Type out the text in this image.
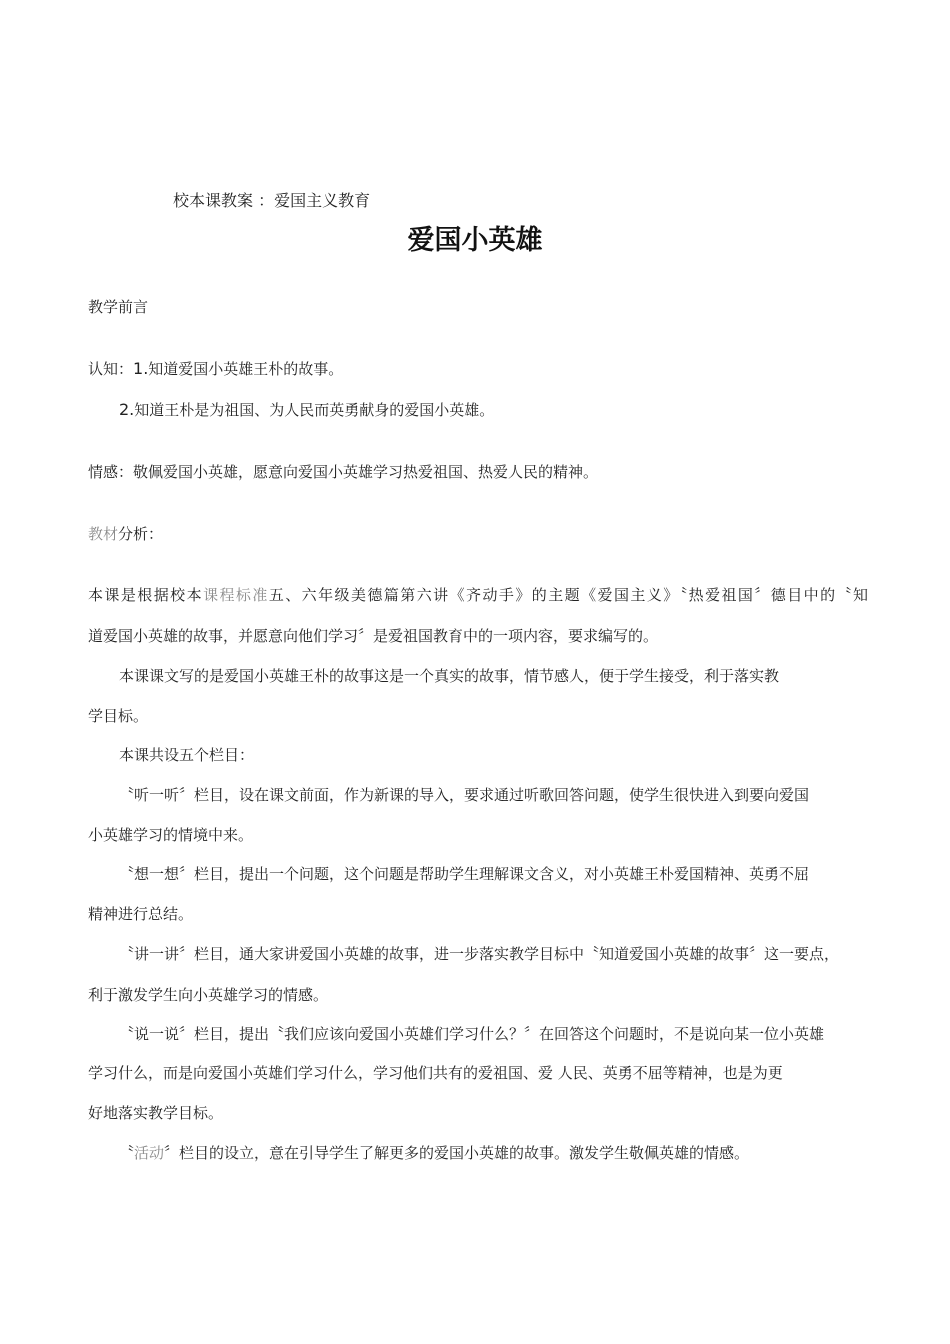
校本课教案 ：爱国主义教育
爱国小英雄
教学前言
认知：1.知道爱国小英雄王朴的故事。
2.知道王朴是为祖国、为人民而英勇献身的爱国小英雄。
情感：敬佩爱国小英雄，愿意向爱国小英雄学习热爱祖国、热爱人民的精神。
教材分析：
本课是根据校本课程标准五、六年级美德篇第六讲《齐动手》的主题《爱国主义》〝热爱祖国〞德目中的〝知
道爱国小英雄的故事，并愿意向他们学习〞是爱祖国教育中的一项内容，要求编写的。
本课课文写的是爱国小英雄王朴的故事这是一个真实的故事，情节感人，便于学生接受，利于落实教
学目标。
本课共设五个栏目：
〝听一听〞栏目，设在课文前面，作为新课的导入，要求通过听歌回答问题，使学生很快进入到要向爱国
小英雄学习的情境中来。
〝想一想〞栏目，提出一个问题，这个问题是帮助学生理解课文含义，对小英雄王朴爱国精神、英勇不屈
精神进行总结。
〝讲一讲〞栏目，通大家讲爱国小英雄的故事，进一步落实教学目标中〝知道爱国小英雄的故事〞这一要点，
利于激发学生向小英雄学习的情感。
〝说一说〞栏目，提出〝我们应该向爱国小英雄们学习什么？〞在回答这个问题时，不是说向某一位小英雄
学习什么，而是向爱国小英雄们学习什么，学习他们共有的爱祖国、爱 人民、英勇不屈等精神，也是为更
好地落实教学目标。
〝活动〞栏目的设立，意在引导学生了解更多的爱国小英雄的故事。激发学生敬佩英雄的情感。
